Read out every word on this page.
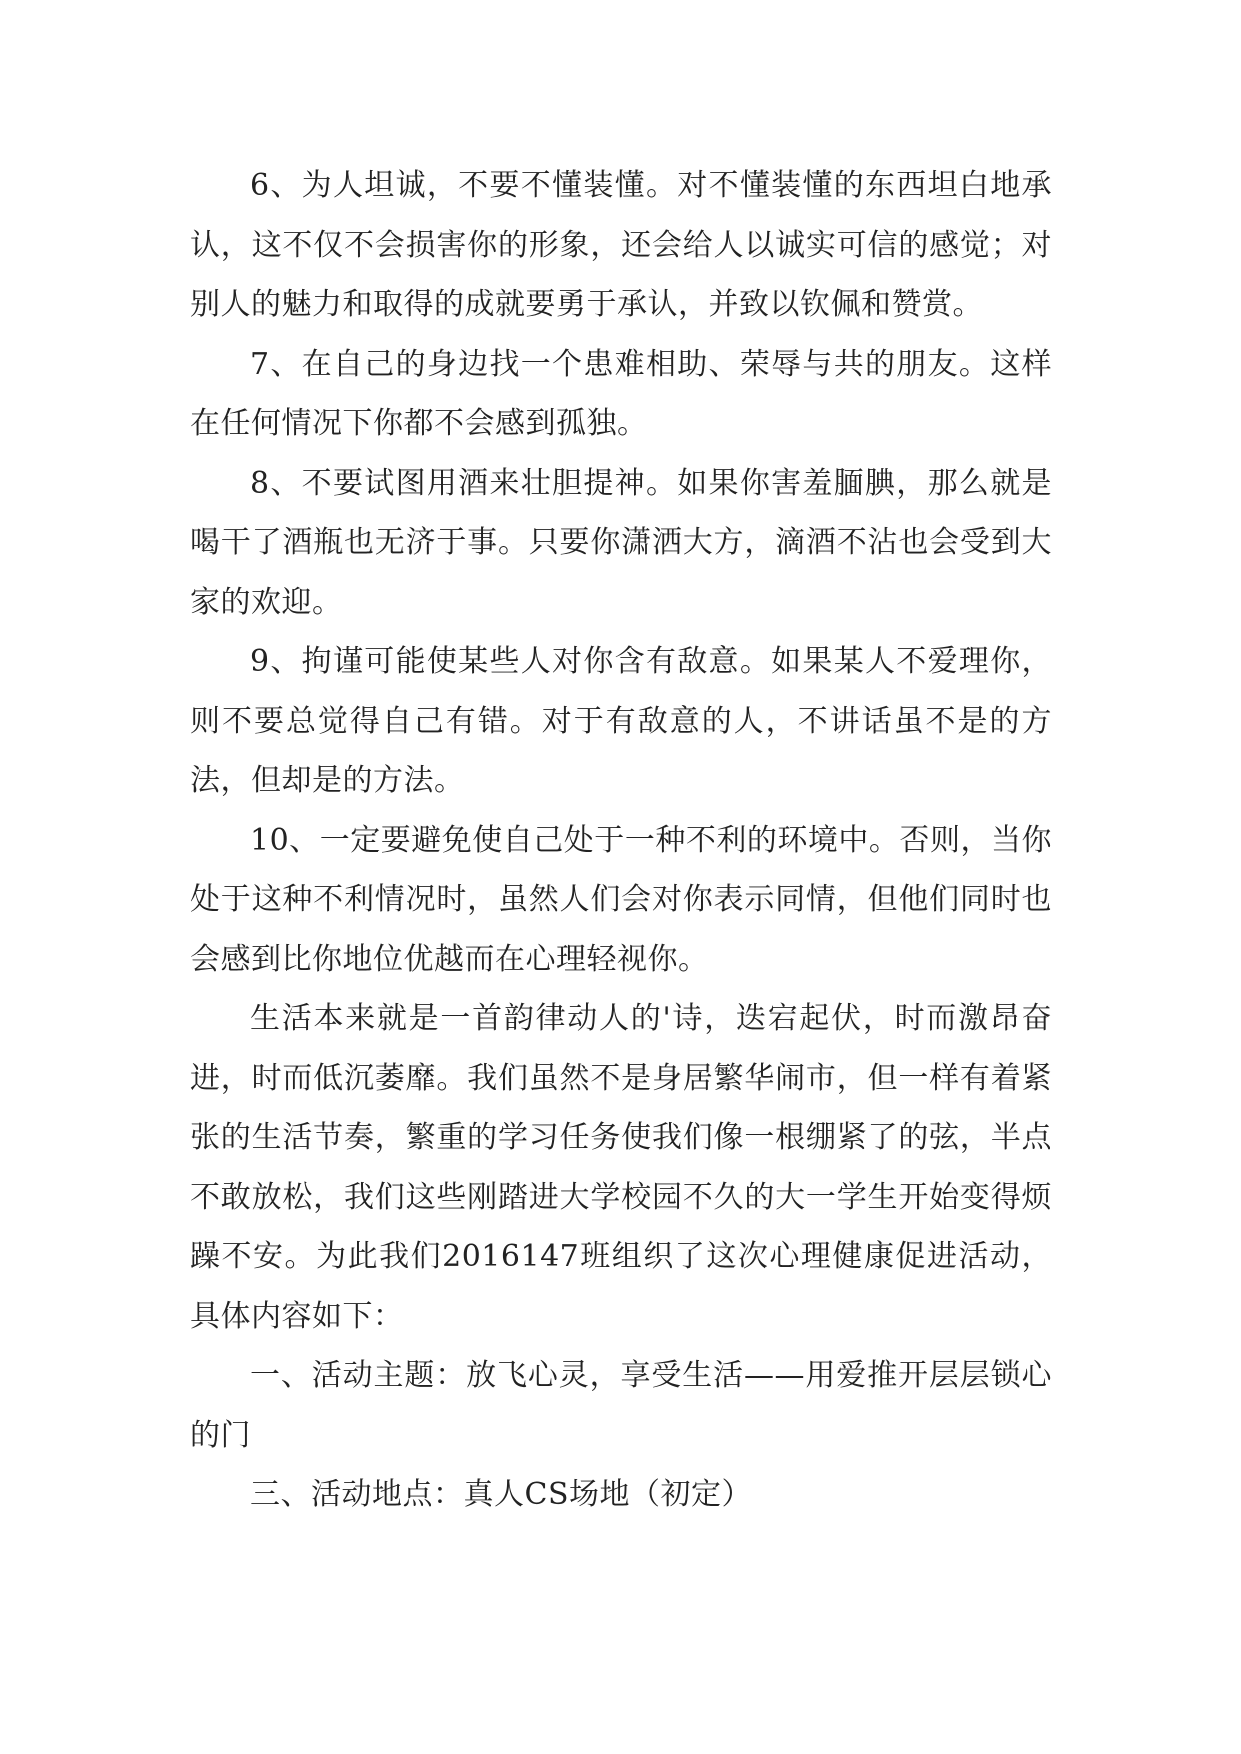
6、为人坦诚，不要不懂装懂。对不懂装懂的东西坦白地承认，这不仅不会损害你的形象，还会给人以诚实可信的感觉；对别人的魅力和取得的成就要勇于承认，并致以钦佩和赞赏。

7、在自己的身边找一个患难相助、荣辱与共的朋友。这样在任何情况下你都不会感到孤独。

8、不要试图用酒来壮胆提神。如果你害羞腼腆，那么就是喝干了酒瓶也无济于事。只要你潇洒大方，滴酒不沾也会受到大家的欢迎。

9、拘谨可能使某些人对你含有敌意。如果某人不爱理你，则不要总觉得自己有错。对于有敌意的人，不讲话虽不是的方法，但却是的方法。

10、一定要避免使自己处于一种不利的环境中。否则，当你处于这种不利情况时，虽然人们会对你表示同情，但他们同时也会感到比你地位优越而在心理轻视你。

生活本来就是一首韵律动人的'诗，迭宕起伏，时而激昂奋进，时而低沉萎靡。我们虽然不是身居繁华闹市，但一样有着紧张的生活节奏，繁重的学习任务使我们像一根绷紧了的弦，半点不敢放松，我们这些刚踏进大学校园不久的大一学生开始变得烦躁不安。为此我们2016147班组织了这次心理健康促进活动，具体内容如下：

一、活动主题：放飞心灵，享受生活——用爱推开层层锁心的门

三、活动地点：真人CS场地（初定）
